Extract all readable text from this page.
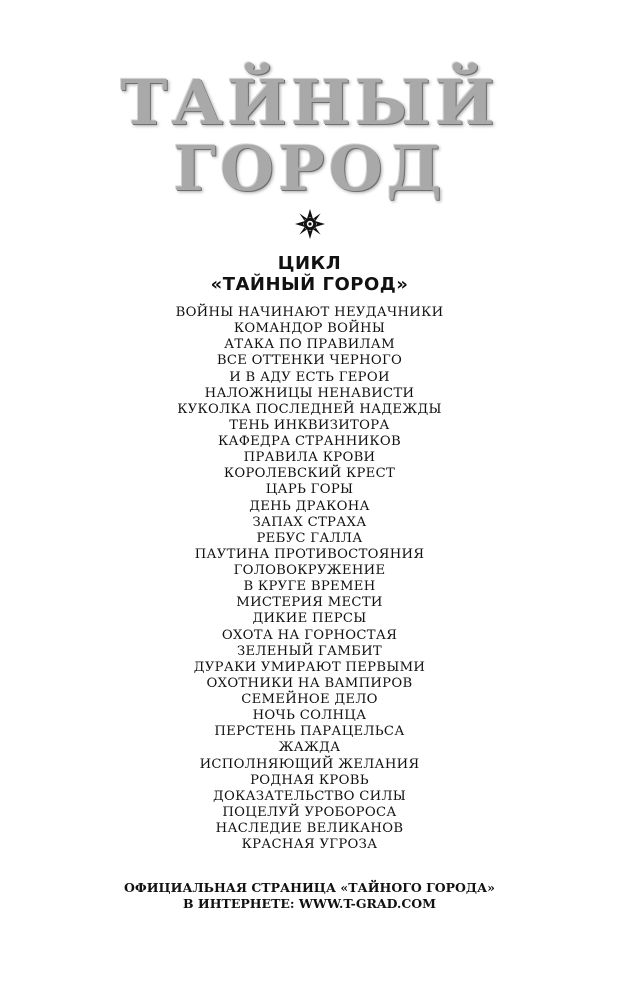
ТАЙНЫЙ
ГОРОД
ЦИКЛ
«ТАЙНЫЙ ГОРОД»
ВОЙНЫ НАЧИНАЮТ НЕУДАЧНИКИ
КОМАНДОР ВОЙНЫ
АТАКА ПО ПРАВИЛАМ
ВСЕ ОТТЕНКИ ЧЕРНОГО
И В АДУ ЕСТЬ ГЕРОИ
НАЛОЖНИЦЫ НЕНАВИСТИ
КУКОЛКА ПОСЛЕДНЕЙ НАДЕЖДЫ
ТЕНЬ ИНКВИЗИТОРА
КАФЕДРА СТРАННИКОВ
ПРАВИЛА КРОВИ
КОРОЛЕВСКИЙ КРЕСТ
ЦАРЬ ГОРЫ
ДЕНЬ ДРАКОНА
ЗАПАХ СТРАХА
РЕБУС ГАЛЛА
ПАУТИНА ПРОТИВОСТОЯНИЯ
ГОЛОВОКРУЖЕНИЕ
В КРУГЕ ВРЕМЕН
МИСТЕРИЯ МЕСТИ
ДИКИЕ ПЕРСЫ
ОХОТА НА ГОРНОСТАЯ
ЗЕЛЕНЫЙ ГАМБИТ
ДУРАКИ УМИРАЮТ ПЕРВЫМИ
ОХОТНИКИ НА ВАМПИРОВ
СЕМЕЙНОЕ ДЕЛО
НОЧЬ СОЛНЦА
ПЕРСТЕНЬ ПАРАЦЕЛЬСА
ЖАЖДА
ИСПОЛНЯЮЩИЙ ЖЕЛАНИЯ
РОДНАЯ КРОВЬ
ДОКАЗАТЕЛЬСТВО СИЛЫ
ПОЦЕЛУЙ УРОБОРОСА
НАСЛЕДИЕ ВЕЛИКАНОВ
КРАСНАЯ УГРОЗА
ОФИЦИАЛЬНАЯ СТРАНИЦА «ТАЙНОГО ГОРОДА»
В ИНТЕРНЕТЕ: WWW.T-GRAD.COM
